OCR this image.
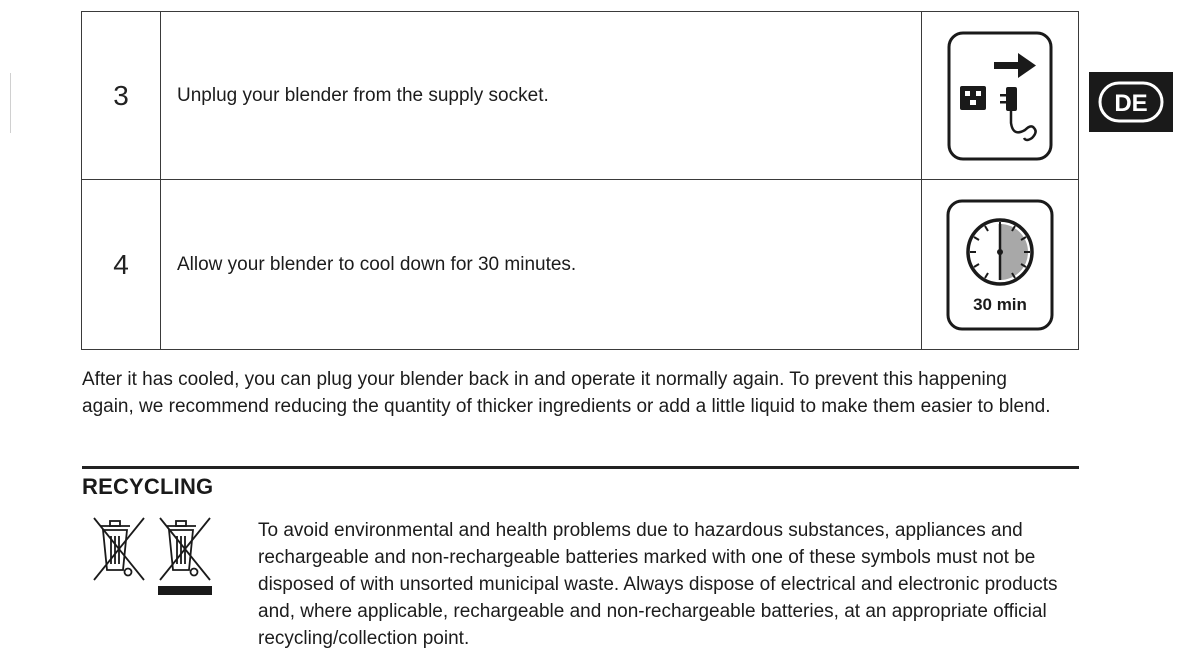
3	Unplug your blender from the supply socket.	

4	Allow your blender to cool down for 30 minutes.	30 min
DE

After it has cooled, you can plug your blender back in and operate it normally again. To prevent this happening again, we recommend reducing the quantity of thicker ingredients or add a little liquid to make them easier to blend.

RECYCLING

To avoid environmental and health problems due to hazardous substances, appliances and rechargeable and non-rechargeable batteries marked with one of these symbols must not be disposed of with unsorted municipal waste. Always dispose of electrical and electronic products and, where applicable, rechargeable and non-rechargeable batteries, at an appropriate official recycling/collection point.
